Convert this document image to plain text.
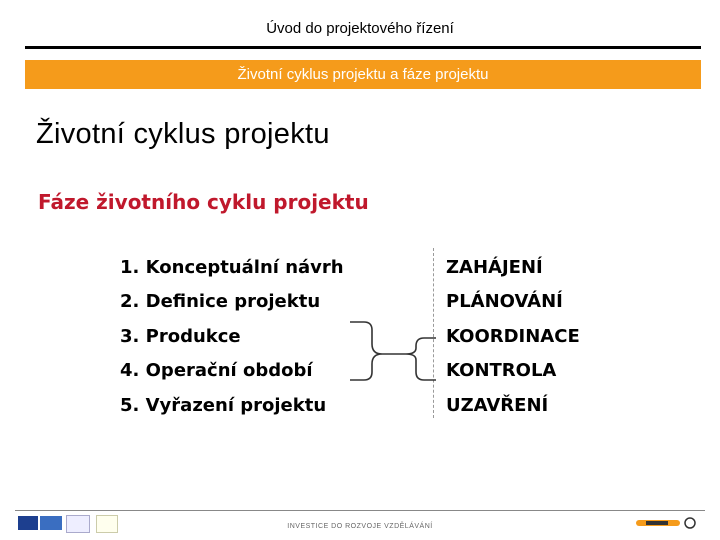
Úvod do projektového řízení
Životní cyklus projektu a fáze projektu
Životní cyklus projektu
Fáze životního cyklu projektu
1. Konceptuální návrh
2. Definice projektu
3. Produkce
4. Operační období
5. Vyřazení projektu
ZAHÁJENÍ
PLÁNOVÁNÍ
KOORDINACE
KONTROLA
UZAVŘENÍ
INVESTICE DO ROZVOJE VZDĚLÁVÁNÍ
